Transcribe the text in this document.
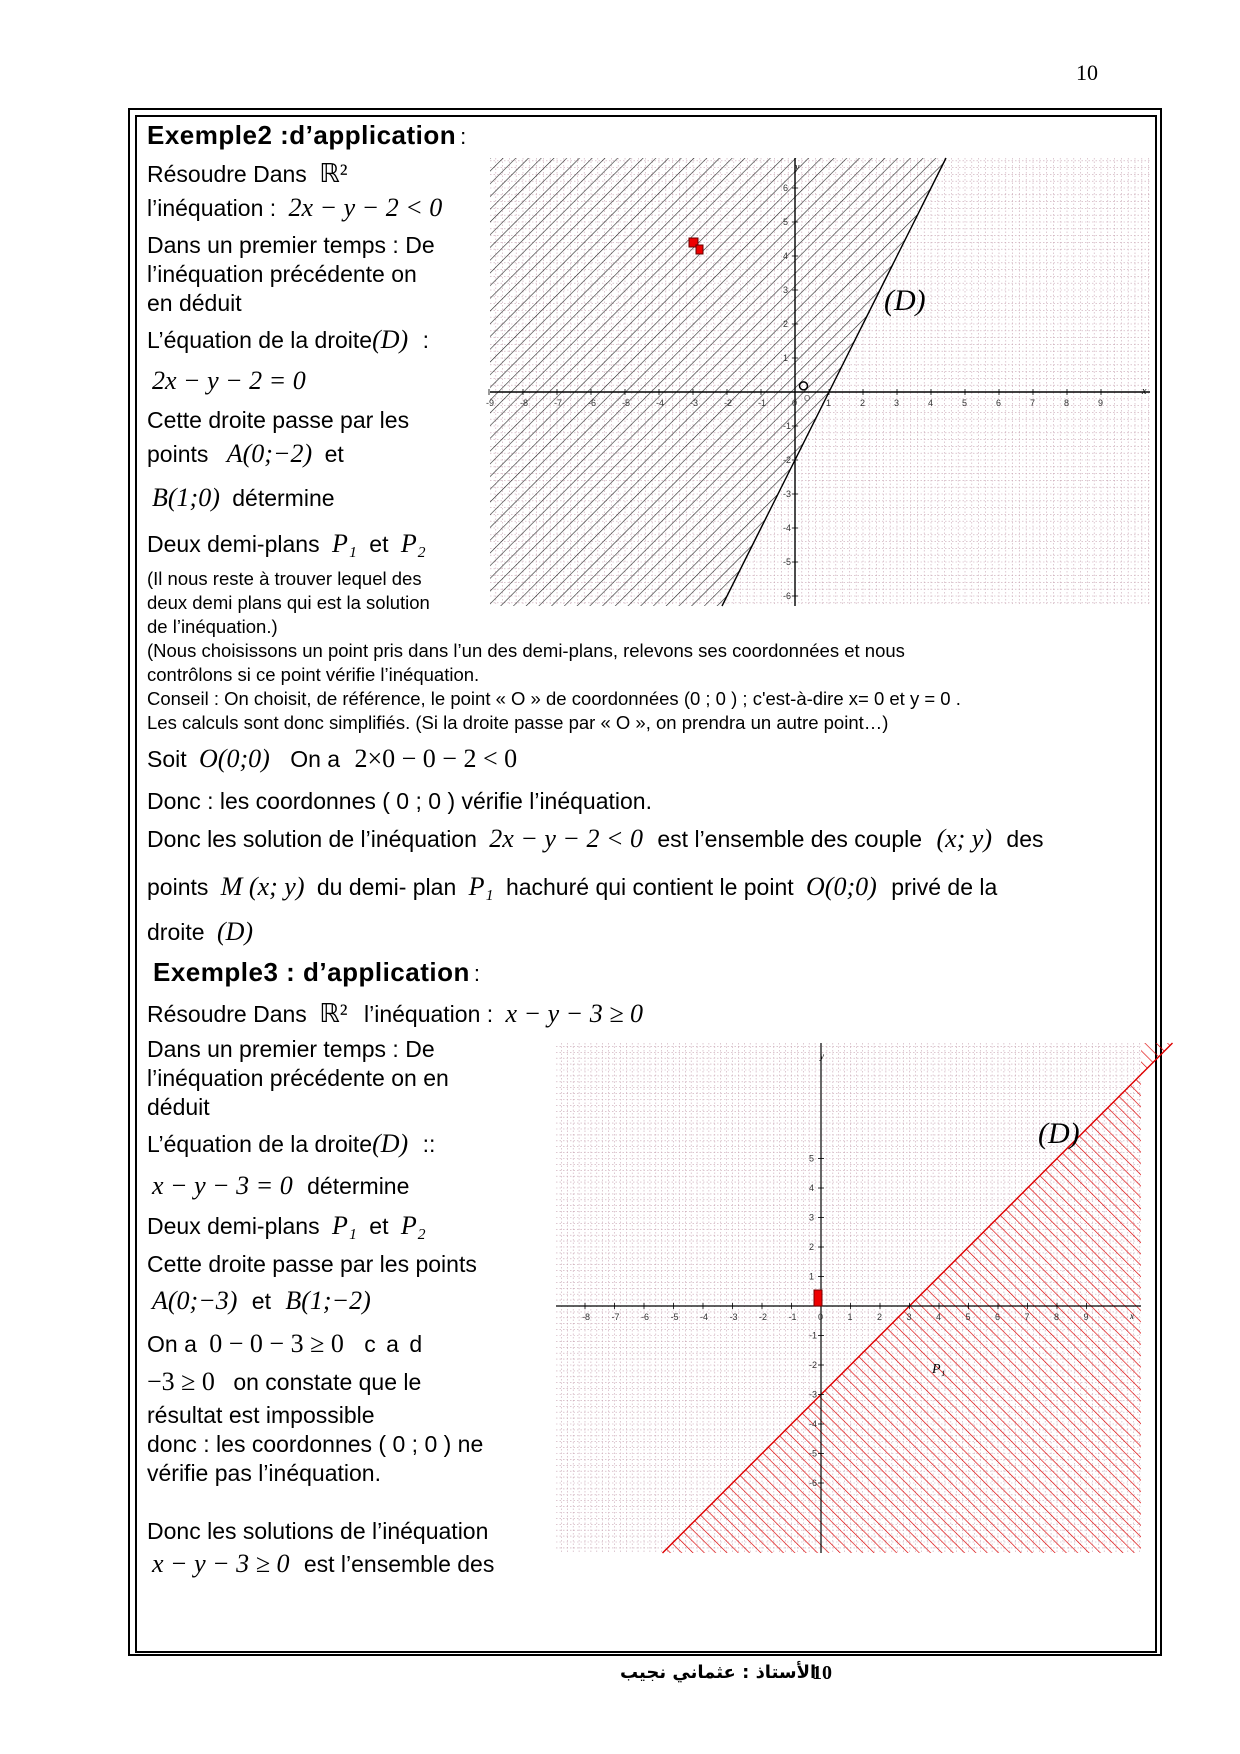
10
Exemple2 :d’application :
Résoudre Dans ℝ²
l’inéquation : 2x − y − 2 < 0
Dans un premier temps : De
l’inéquation précédente on
en déduit
L’équation de la droite(D) :
2x − y − 2 = 0
Cette droite passe par les
points A(0;−2) et
B(1;0) détermine
Deux demi-plans P₁ et P₂
(Il nous reste à trouver lequel des
deux demi plans qui est la solution
de l’inéquation.)
(Nous choisissons un point pris dans l’un des demi-plans, relevons ses coordonnées et nous
contrôlons si ce point vérifie l’inéquation.
Conseil : On choisit, de référence, le point « O » de coordonnées (0 ; 0 ) ; c'est-à-dire x= 0 et y = 0 .
Les calculs sont donc simplifiés. (Si la droite passe par « O », on prendra un autre point…)
Soit O(0;0) On a 2×0 − 0 − 2 < 0
Donc : les coordonnes ( 0 ; 0 ) vérifie l’inéquation.
Donc les solution de l’inéquation 2x − y − 2 < 0 est l’ensemble des couple (x; y) des
points M (x; y) du demi- plan P₁ hachuré qui contient le point O(0;0) privé de la
droite (D)
Exemple3 : d’application :
Résoudre Dans ℝ² l’inéquation : x − y − 3 ≥ 0
Dans un premier temps : De
l’inéquation précédente on en
déduit
L’équation de la droite(D) ::
x − y − 3 = 0 détermine
Deux demi-plans P₁ et P₂
Cette droite passe par les points
A(0;−3) et B(1;−2)
On a 0 − 0 − 3 ≥ 0 c a d
−3 ≥ 0 on constate que le
résultat est impossible
donc : les coordonnes ( 0 ; 0 ) ne
vérifie pas l’inéquation.
Donc les solutions de l’inéquation
x − y − 3 ≥ 0 est l’ensemble des
-9	-8	-7	-6	-5	-4	-3	-2	-1	0	1	2	3	4	5	6	7	8	9
6
5
4
3
2
1
-1
-2
-3
-4
-5
-6
(D)
x
y
O
-8 -7 -6 -5 -4 -3 -2 -1 0	1	2	3	4	5	6	7	8	9
5
4
3
2
1
-1
-2
-3
-4
-5
-6
(D)
P₁
x
y
الأستاذ : عثماني نجيب
10
